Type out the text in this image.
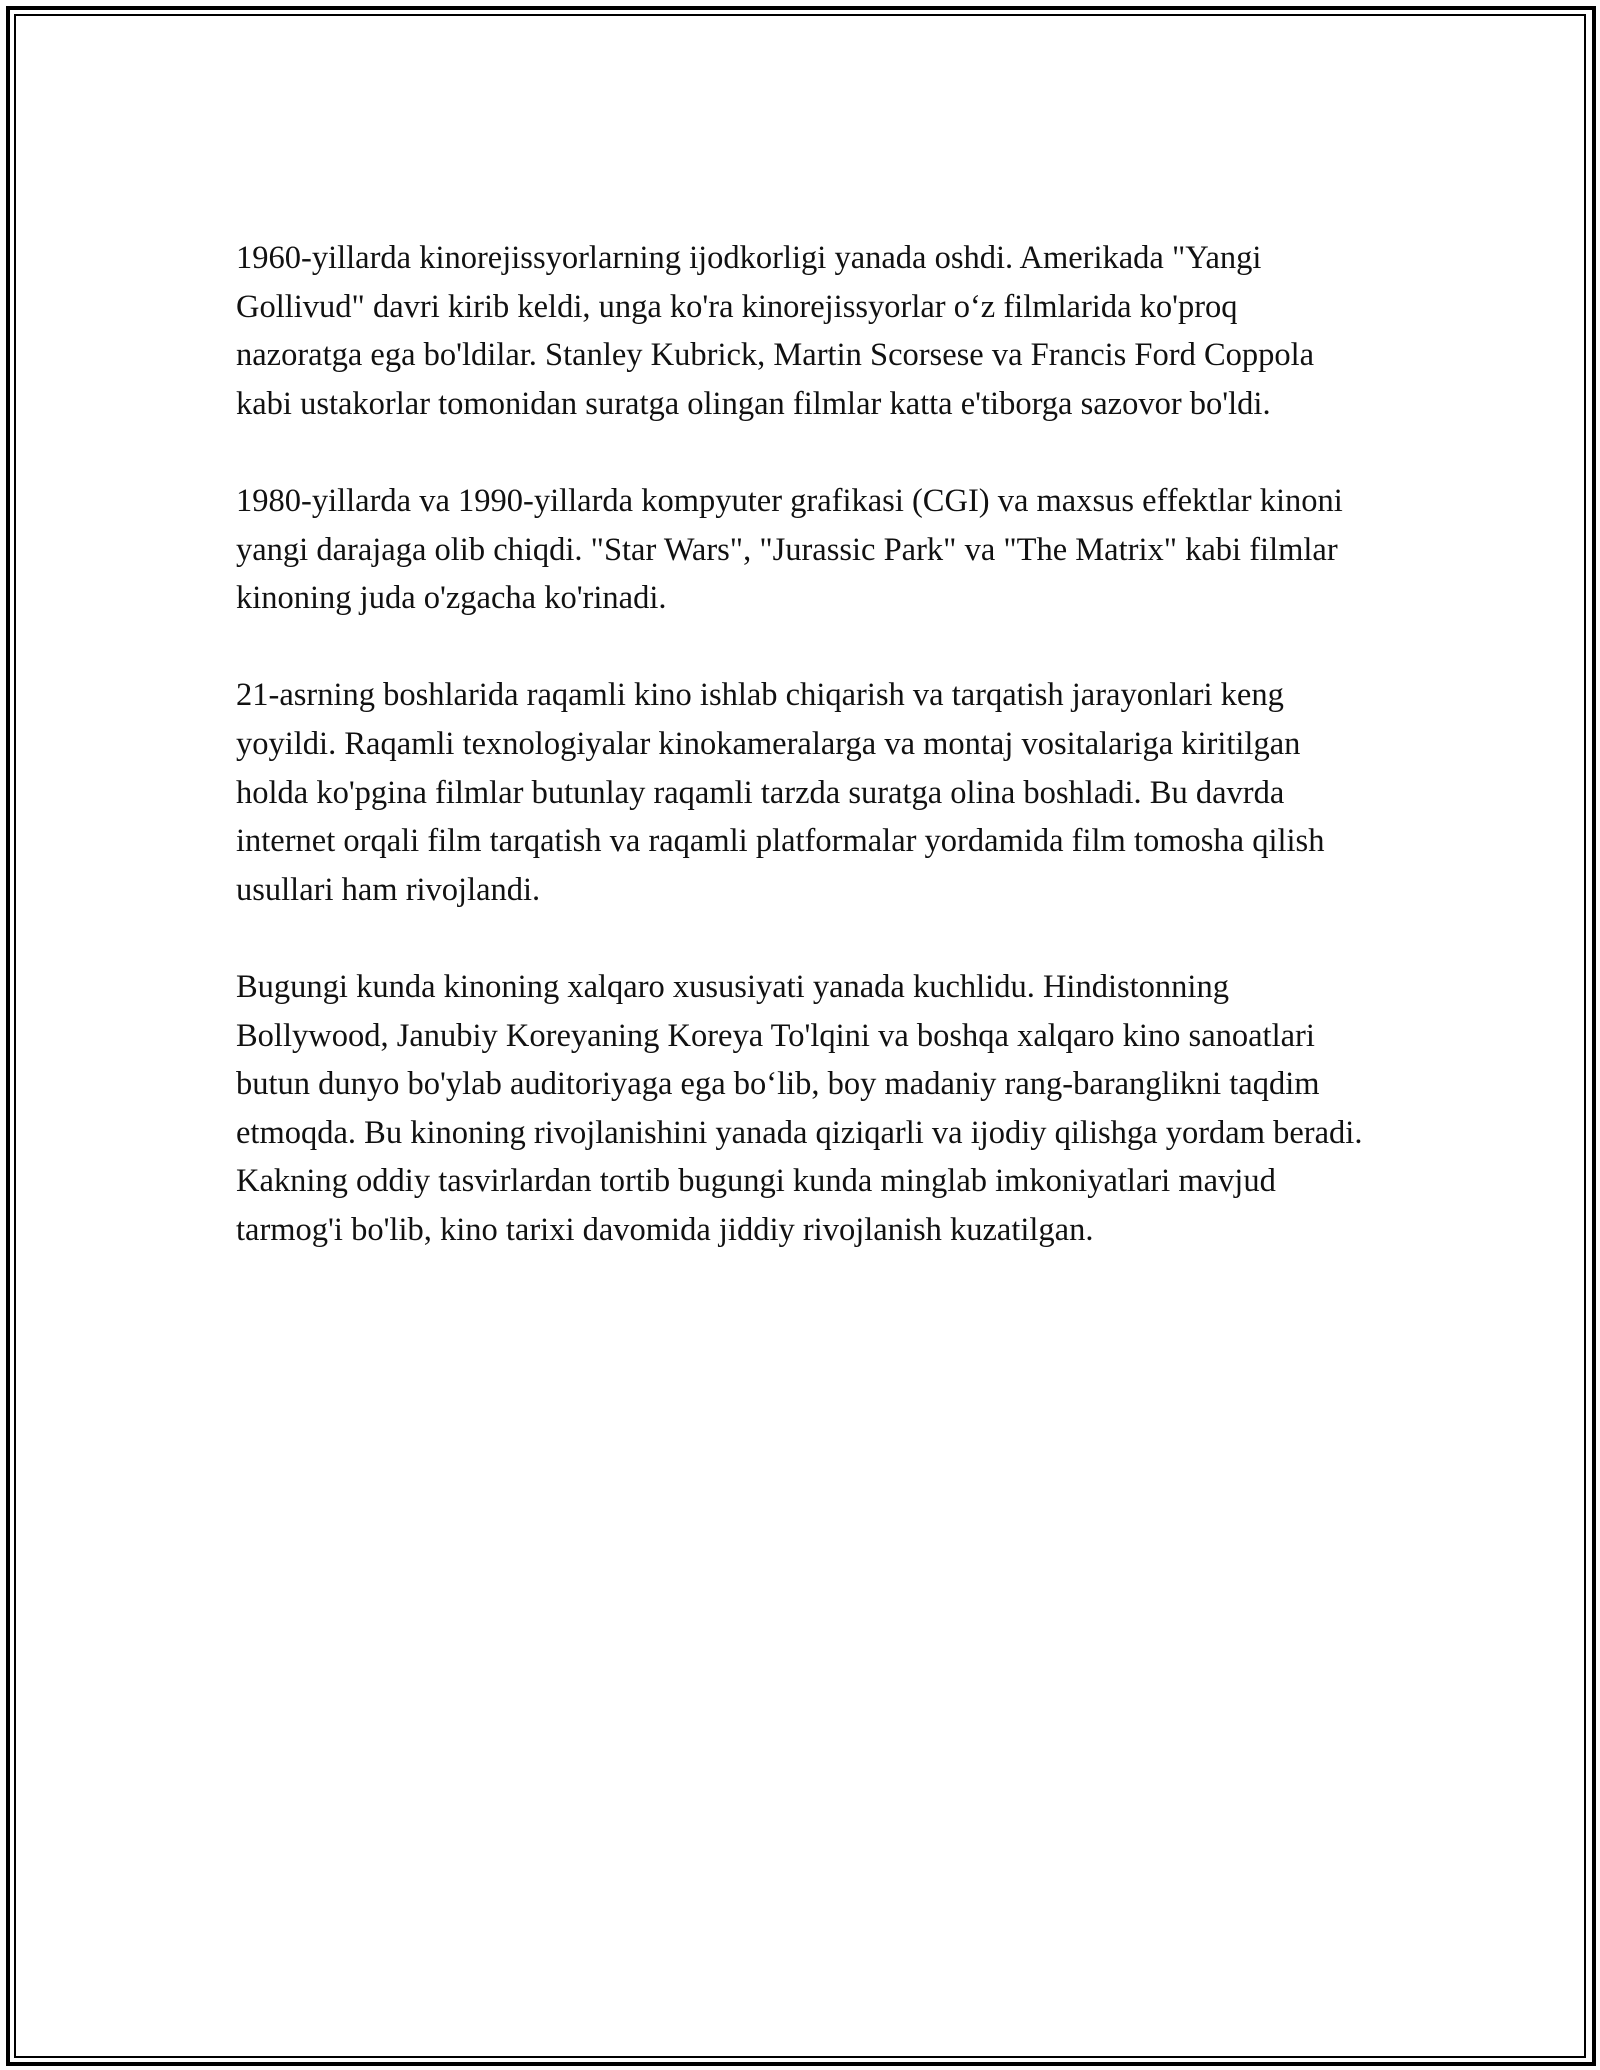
1960-yillarda kinorejissyorlarning ijodkorligi yanada oshdi. Amerikada "Yangi Gollivud" davri kirib keldi, unga ko'ra kinorejissyorlar o‘z filmlarida ko'proq nazoratga ega bo'ldilar. Stanley Kubrick, Martin Scorsese va Francis Ford Coppola kabi ustakorlar tomonidan suratga olingan filmlar katta e'tiborga sazovor bo'ldi.

1980-yillarda va 1990-yillarda kompyuter grafikasi (CGI) va maxsus effektlar kinoni yangi darajaga olib chiqdi. "Star Wars", "Jurassic Park" va "The Matrix" kabi filmlar kinoning juda o'zgacha ko'rinadi.

21-asrning boshlarida raqamli kino ishlab chiqarish va tarqatish jarayonlari keng yoyildi. Raqamli texnologiyalar kinokameralarga va montaj vositalariga kiritilgan holda ko'pgina filmlar butunlay raqamli tarzda suratga olina boshladi. Bu davrda internet orqali film tarqatish va raqamli platformalar yordamida film tomosha qilish usullari ham rivojlandi.

Bugungi kunda kinoning xalqaro xususiyati yanada kuchlidu. Hindistonning Bollywood, Janubiy Koreyaning Koreya To'lqini va boshqa xalqaro kino sanoatlari butun dunyo bo'ylab auditoriyaga ega bo‘lib, boy madaniy rang-baranglikni taqdim etmoqda. Bu kinoning rivojlanishini yanada qiziqarli va ijodiy qilishga yordam beradi. Kakning oddiy tasvirlardan tortib bugungi kunda minglab imkoniyatlari mavjud tarmog'i bo'lib, kino tarixi davomida jiddiy rivojlanish kuzatilgan.
